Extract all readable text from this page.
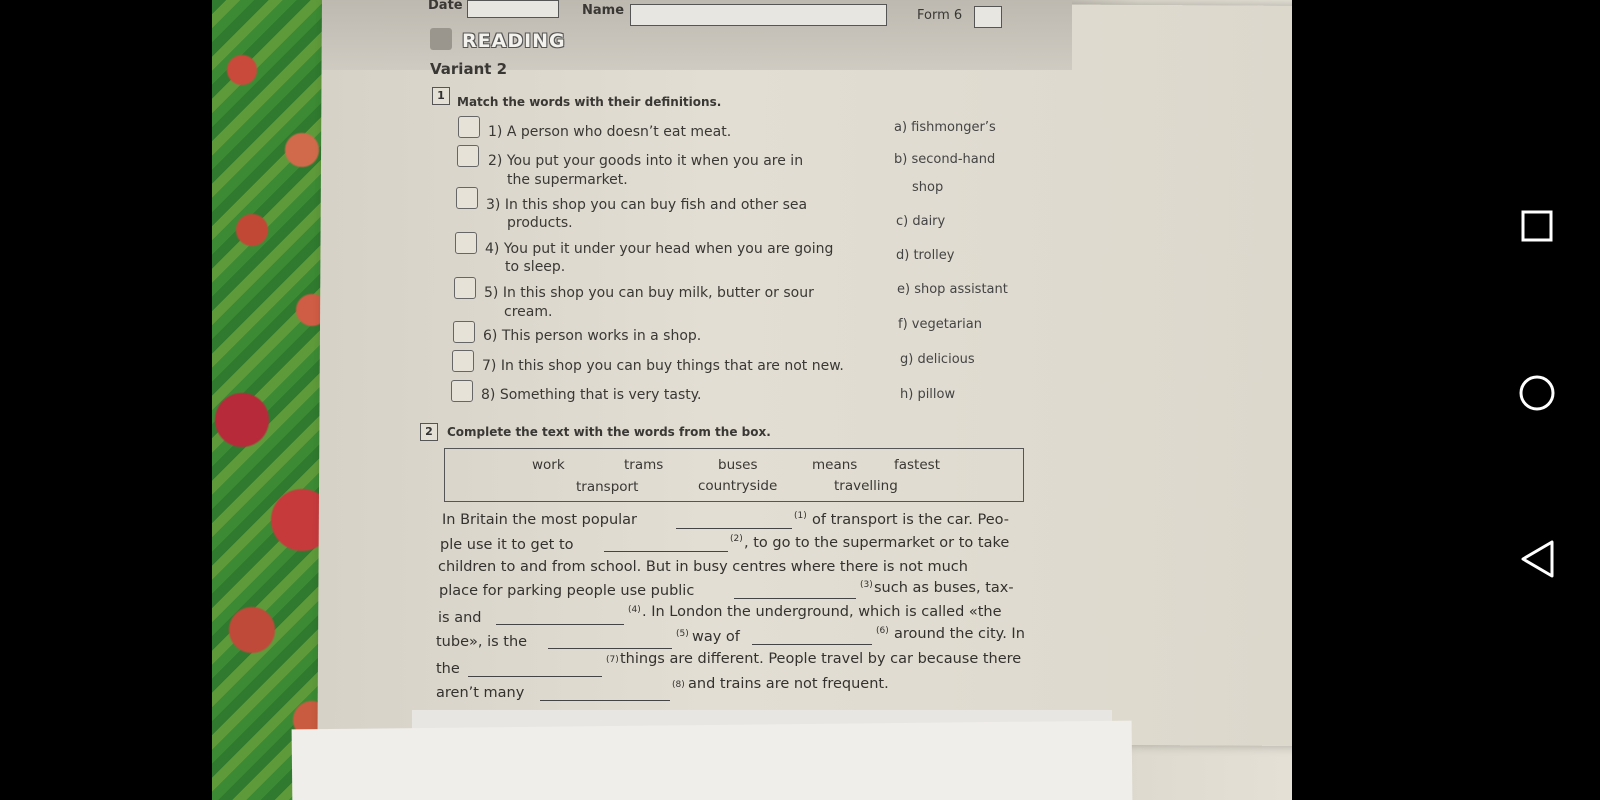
Date	Name	Form 6
READING
Variant 2
1	Match the words with their definitions.
1) A person who doesn’t eat meat.
2) You put your goods into it when you are in
the supermarket.
3) In this shop you can buy fish and other sea
products.
4) You put it under your head when you are going
to sleep.
5) In this shop you can buy milk, butter or sour
cream.
6) This person works in a shop.
7) In this shop you can buy things that are not new.
8) Something that is very tasty.
a) fishmonger’s
b) second-hand
shop
c) dairy
d) trolley
e) shop assistant
f) vegetarian
g) delicious
h) pillow
2	Complete the text with the words from the box.
work	trams	buses	means	fastest
transport	countryside	travelling
In Britain the most popular	(1) of transport is the car. Peo-
ple use it to get to	(2) , to go to the supermarket or to take
children to and from school. But in busy centres where there is not much
place for parking people use public	(3) such as buses, tax-
is and	(4) . In London the underground, which is called «the
tube», is the	(5) way of	(6) around the city. In
the
(7) things are different. People travel by car because there
aren’t many	(8) and trains are not frequent.
